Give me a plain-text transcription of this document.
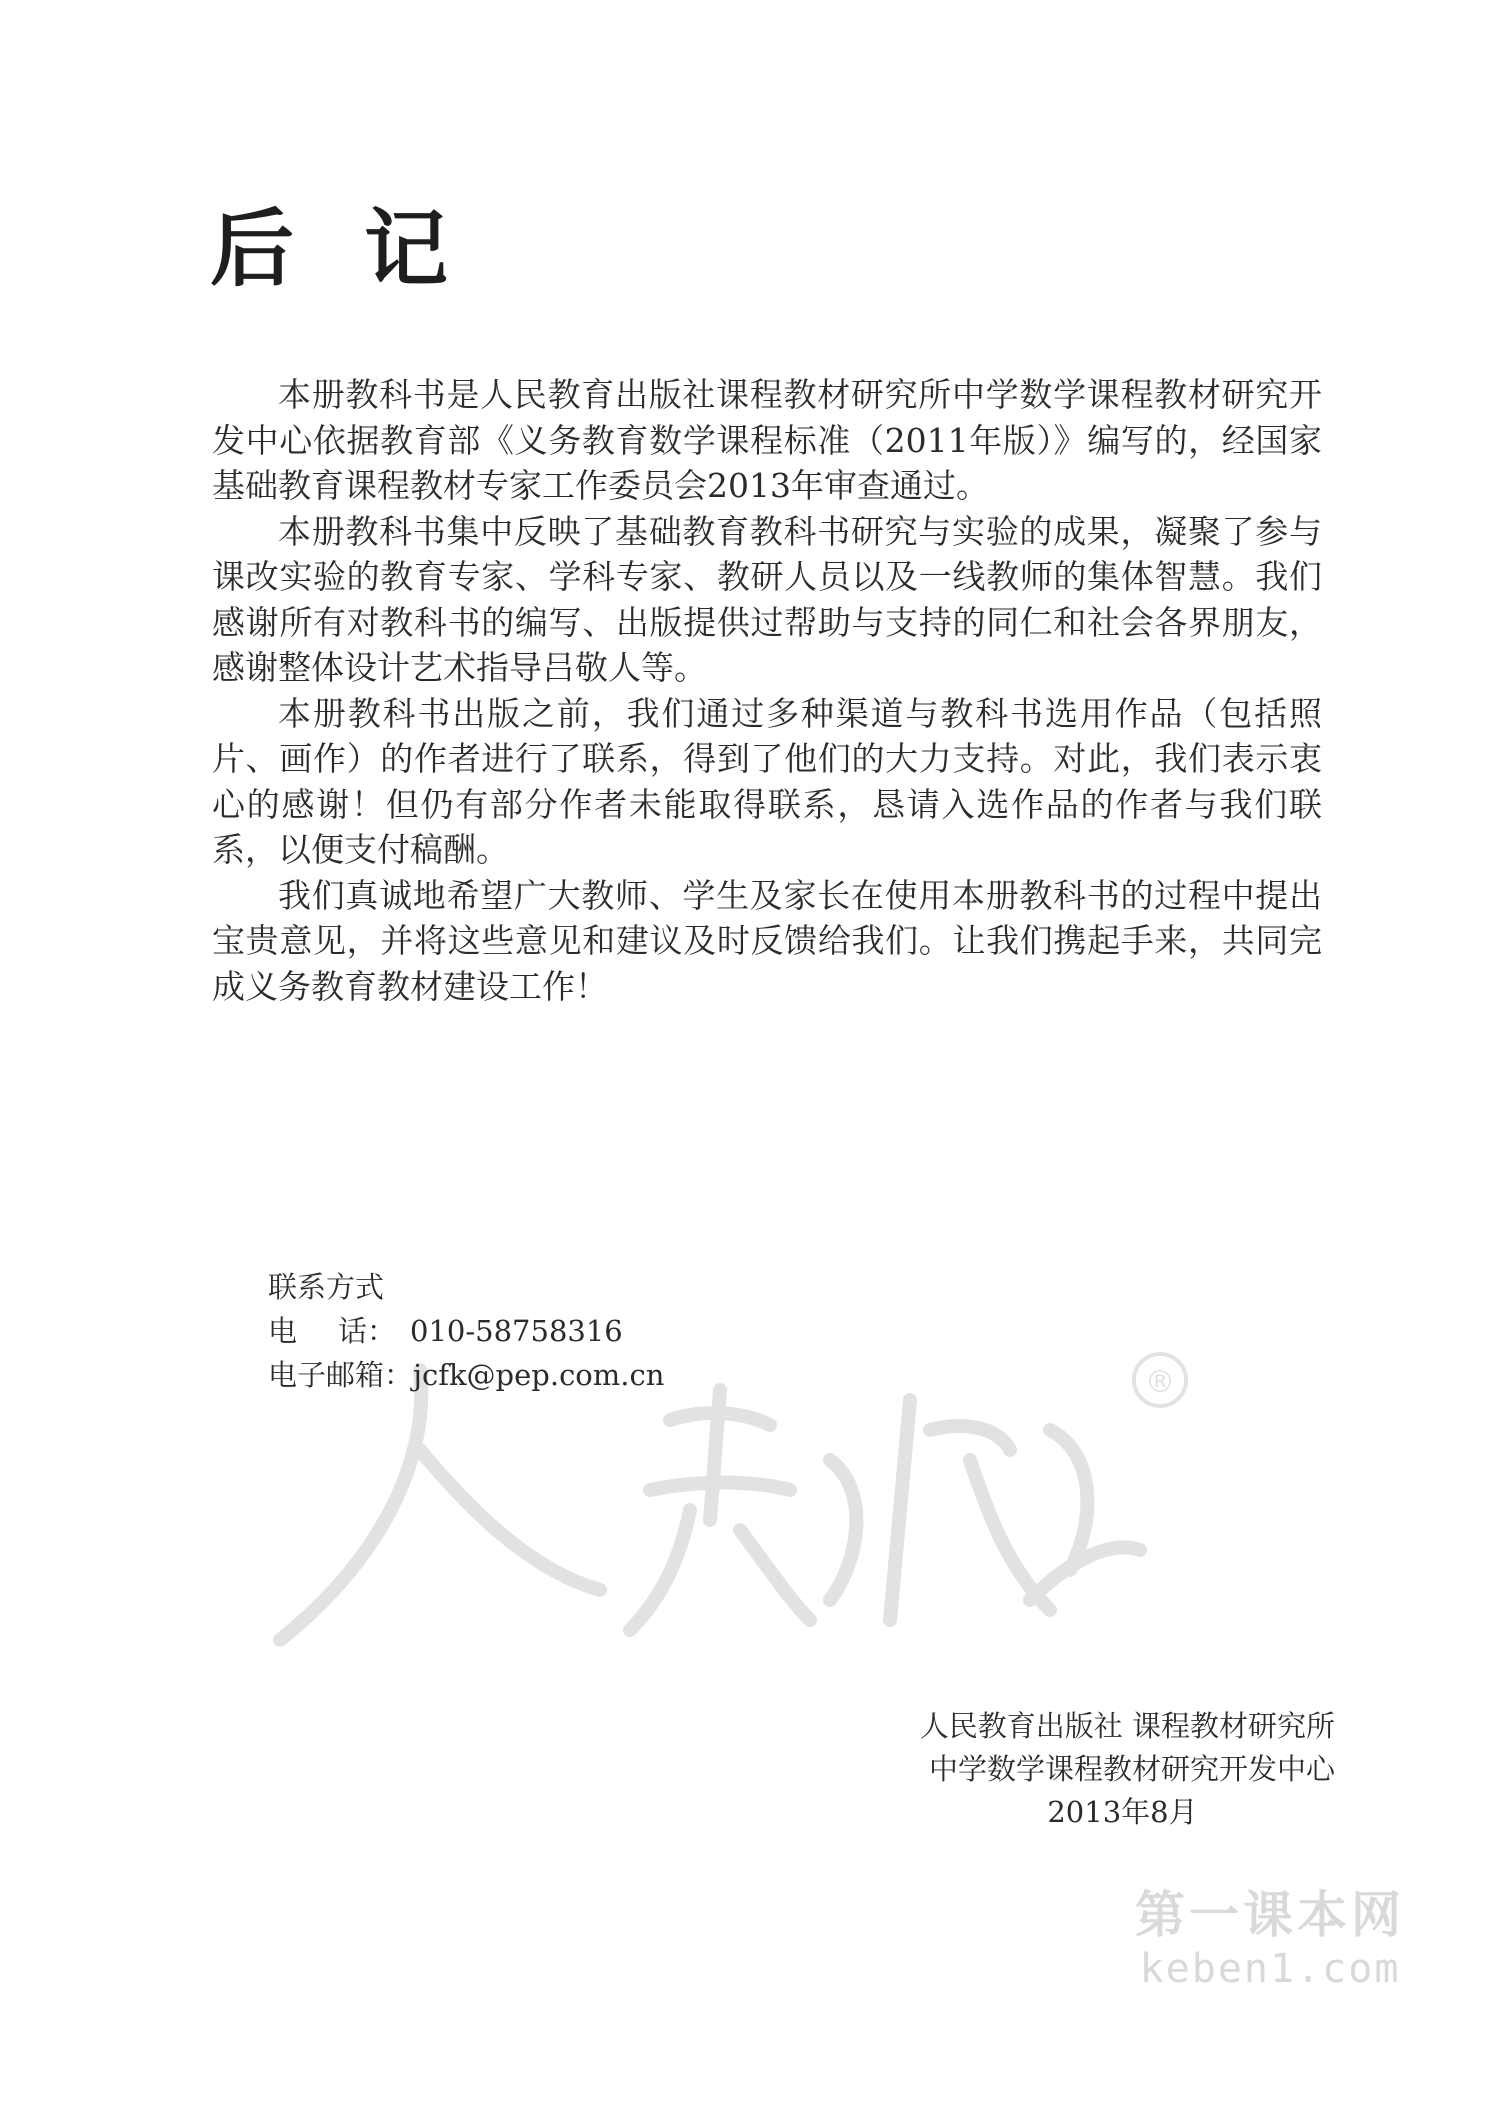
后 记

本册教科书是人民教育出版社课程教材研究所中学数学课程教材研究开发中心依据教育部《义务教育数学课程标准（2011年版）》编写的，经国家基础教育课程教材专家工作委员会2013年审查通过。

本册教科书集中反映了基础教育教科书研究与实验的成果，凝聚了参与课改实验的教育专家、学科专家、教研人员以及一线教师的集体智慧。我们感谢所有对教科书的编写、出版提供过帮助与支持的同仁和社会各界朋友，感谢整体设计艺术指导吕敬人等。

本册教科书出版之前，我们通过多种渠道与教科书选用作品（包括照片、画作）的作者进行了联系，得到了他们的大力支持。对此，我们表示衷心的感谢！但仍有部分作者未能取得联系，恳请入选作品的作者与我们联系，以便支付稿酬。

我们真诚地希望广大教师、学生及家长在使用本册教科书的过程中提出宝贵意见，并将这些意见和建议及时反馈给我们。让我们携起手来，共同完成义务教育教材建设工作！

®
联系方式
电 话： 010-58758316
电子邮箱：jcfk@pep.com.cn
人民教育出版社 课程教材研究所
中学数学课程教材研究开发中心
2013年8月
第一课本网
keben1.com
